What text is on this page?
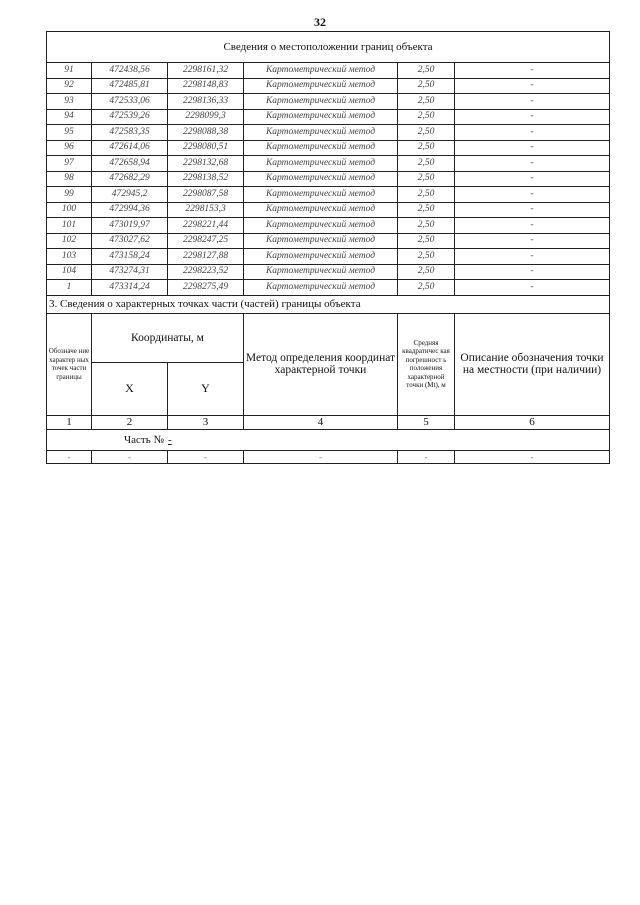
32
Сведения о местоположении границ объекта					
91	472438,56	2298161,32	Картометрический метод	2,50	-
92	472485,81	2298148,83	Картометрический метод	2,50	-
93	472533,06	2298136,33	Картометрический метод	2,50	-
94	472539,26	2298099,3	Картометрический метод	2,50	-
95	472583,35	2298088,38	Картометрический метод	2,50	-
96	472614,06	2298080,51	Картометрический метод	2,50	-
97	472658,94	2298132,68	Картометрический метод	2,50	-
98	472682,29	2298138,52	Картометрический метод	2,50	-
99	472945,2	2298087,58	Картометрический метод	2,50	-
100	472994,36	2298153,3	Картометрический метод	2,50	-
101	473019,97	2298221,44	Картометрический метод	2,50	-
102	473027,62	2298247,25	Картометрический метод	2,50	-
103	473158,24	2298127,88	Картометрический метод	2,50	-
104	473274,31	2298223,52	Картометрический метод	2,50	-
1	473314,24	2298275,49	Картометрический метод	2,50	-
3. Сведения о характерных точках части (частей) границы объекта					
Обозначе ние характер ных точек части границы	Координаты, м		Метод определения координат характерной точки	Средняя квадратичес кая погрешност ь положения характерной точки (Mt), м	Описание обозначения точки на местности (при наличии)
	X	Y			
1	2	3	4	5	6
Часть № -					
-	-	-	-	-	-
